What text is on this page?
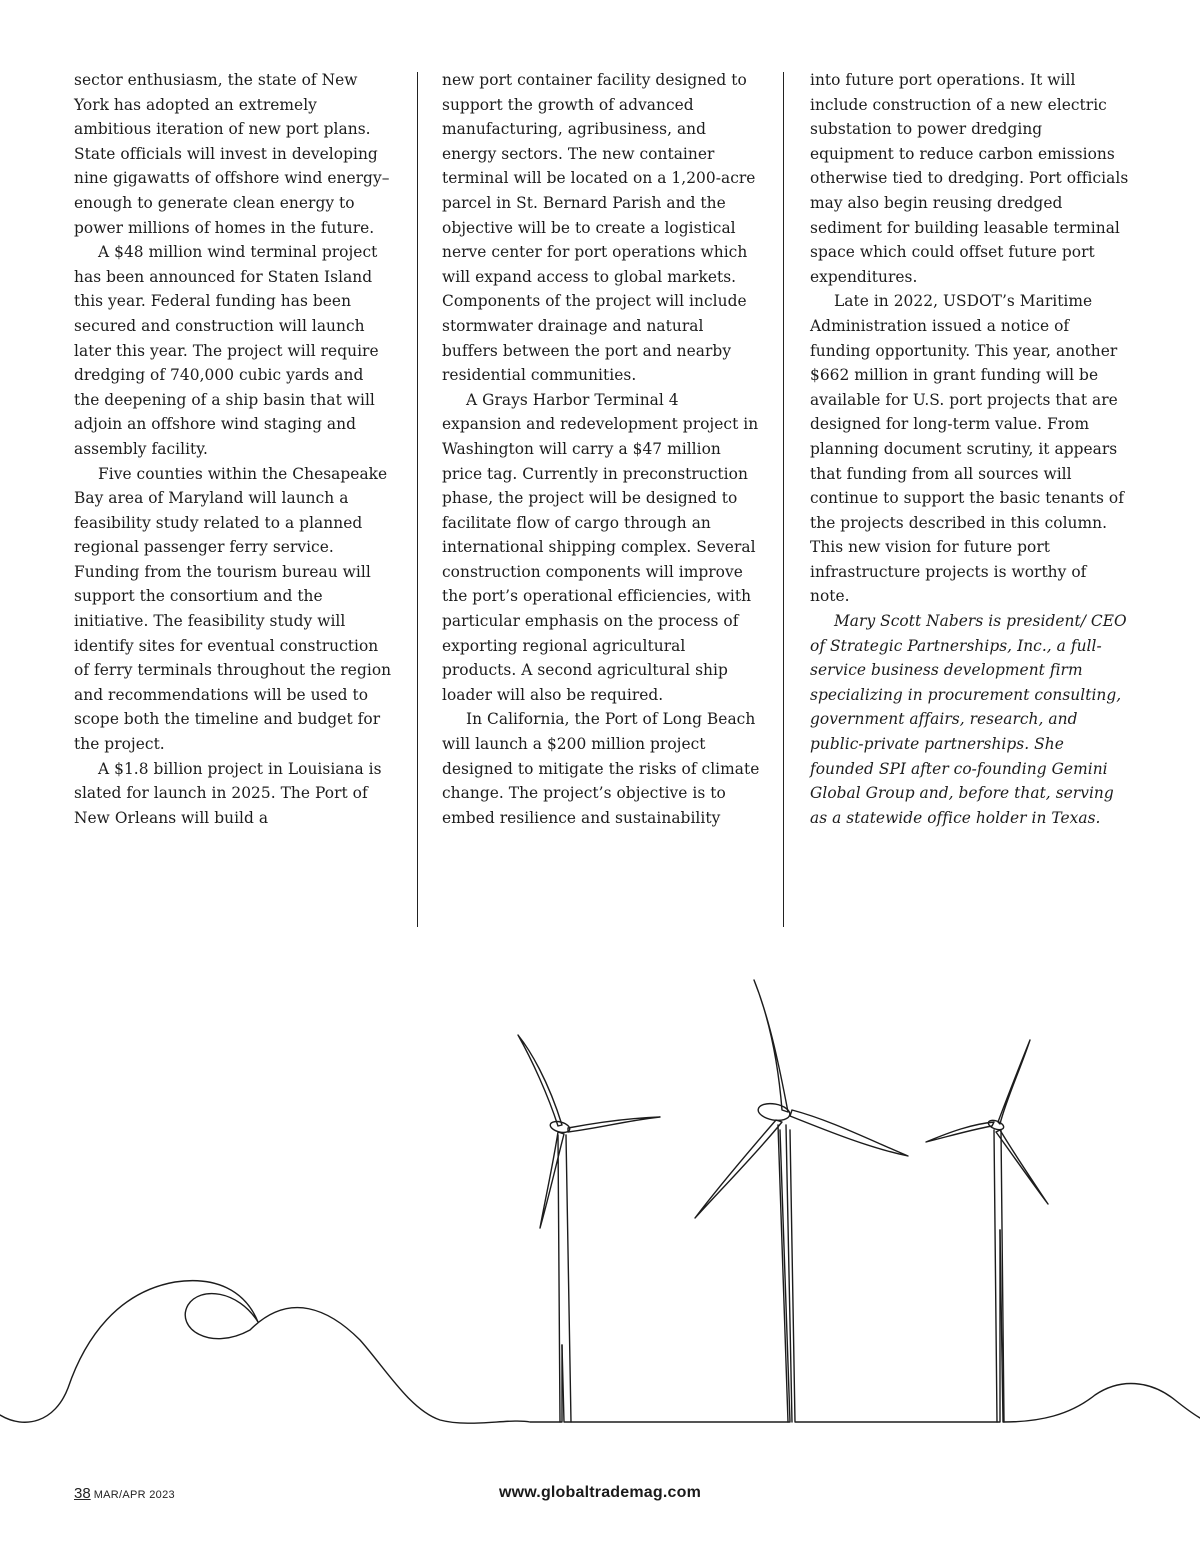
sector enthusiasm, the state of New York has adopted an extremely ambitious iteration of new port plans. State officials will invest in developing nine gigawatts of offshore wind energy–enough to generate clean energy to power millions of homes in the future.

A $48 million wind terminal project has been announced for Staten Island this year. Federal funding has been secured and construction will launch later this year. The project will require dredging of 740,000 cubic yards and the deepening of a ship basin that will adjoin an offshore wind staging and assembly facility.

Five counties within the Chesapeake Bay area of Maryland will launch a feasibility study related to a planned regional passenger ferry service. Funding from the tourism bureau will support the consortium and the initiative. The feasibility study will identify sites for eventual construction of ferry terminals throughout the region and recommendations will be used to scope both the timeline and budget for the project.

A $1.8 billion project in Louisiana is slated for launch in 2025. The Port of New Orleans will build a

new port container facility designed to support the growth of advanced manufacturing, agribusiness, and energy sectors. The new container terminal will be located on a 1,200-acre parcel in St. Bernard Parish and the objective will be to create a logistical nerve center for port operations which will expand access to global markets. Components of the project will include stormwater drainage and natural buffers between the port and nearby residential communities.

A Grays Harbor Terminal 4 expansion and redevelopment project in Washington will carry a $47 million price tag. Currently in preconstruction phase, the project will be designed to facilitate flow of cargo through an international shipping complex. Several construction components will improve the port’s operational efficiencies, with particular emphasis on the process of exporting regional agricultural products. A second agricultural ship loader will also be required.

In California, the Port of Long Beach will launch a $200 million project designed to mitigate the risks of climate change. The project’s objective is to embed resilience and sustainability

into future port operations. It will include construction of a new electric substation to power dredging equipment to reduce carbon emissions otherwise tied to dredging. Port officials may also begin reusing dredged sediment for building leasable terminal space which could offset future port expenditures.

Late in 2022, USDOT’s Maritime Administration issued a notice of funding opportunity. This year, another $662 million in grant funding will be available for U.S. port projects that are designed for long-term value. From planning document scrutiny, it appears that funding from all sources will continue to support the basic tenants of the projects described in this column. This new vision for future port infrastructure projects is worthy of note.

Mary Scott Nabers is president/ CEO of Strategic Partnerships, Inc., a full-service business development firm specializing in procurement consulting, government affairs, research, and public-private partnerships. She founded SPI after co-founding Gemini Global Group and, before that, serving as a statewide office holder in Texas.

38 MAR/APR 2023	www.globaltrademag.com
